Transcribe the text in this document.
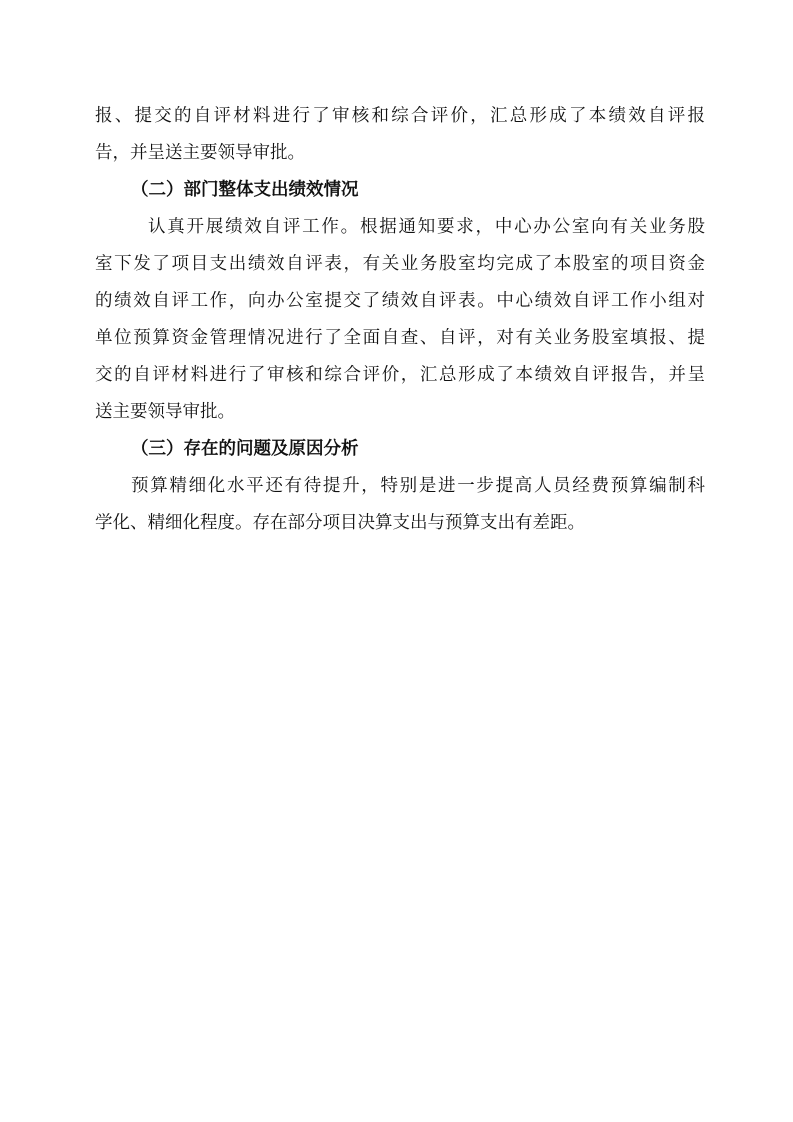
报、提交的自评材料进行了审核和综合评价，汇总形成了本绩效自评报
告，并呈送主要领导审批。
（二）部门整体支出绩效情况
认真开展绩效自评工作。根据通知要求，中心办公室向有关业务股
室下发了项目支出绩效自评表，有关业务股室均完成了本股室的项目资金
的绩效自评工作，向办公室提交了绩效自评表。中心绩效自评工作小组对
单位预算资金管理情况进行了全面自查、自评，对有关业务股室填报、提
交的自评材料进行了审核和综合评价，汇总形成了本绩效自评报告，并呈
送主要领导审批。
（三）存在的问题及原因分析
预算精细化水平还有待提升，特别是进一步提高人员经费预算编制科
学化、精细化程度。存在部分项目决算支出与预算支出有差距。
